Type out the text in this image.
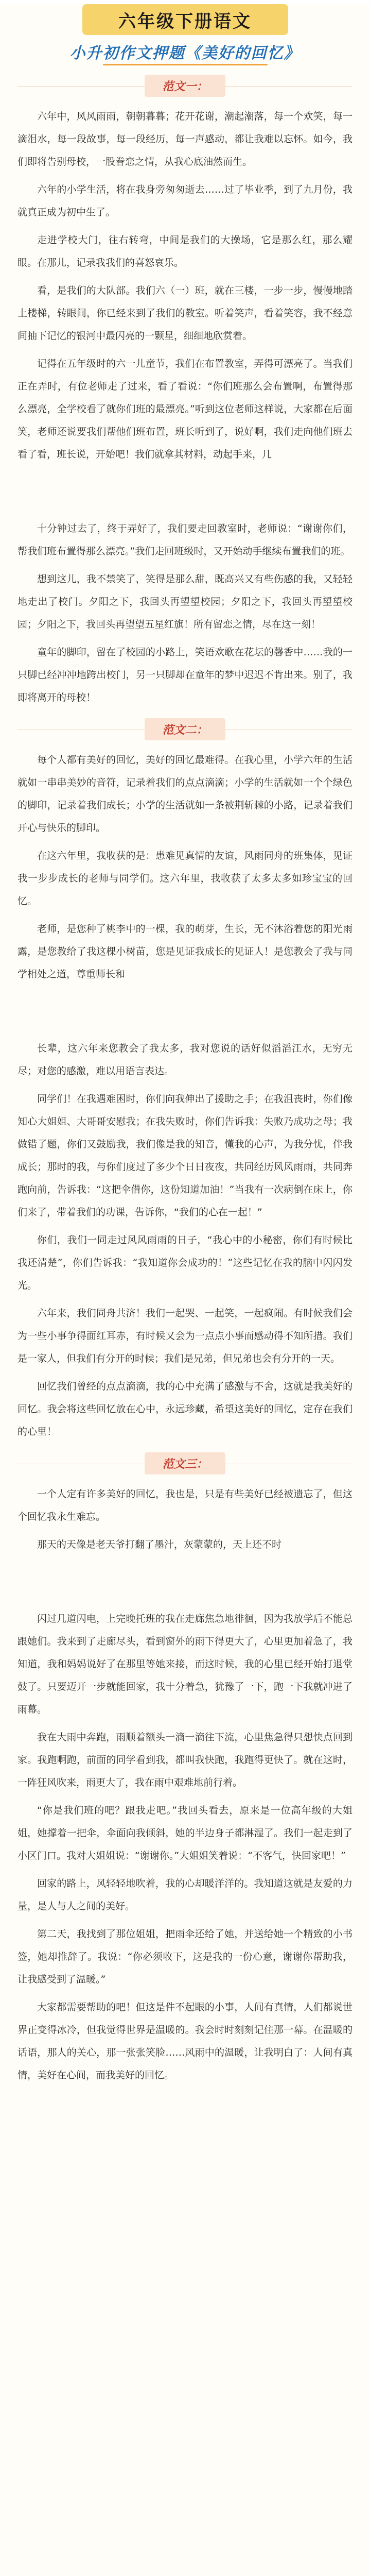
六年级下册语文
小升初作文押题《美好的回忆》
范文一：

六年中，风风雨雨，朝朝暮暮；花开花谢，潮起潮落，每一个欢笑，每一滴泪水，每一段故事，每一段经历，每一声感动，都让我难以忘怀。如今，我们即将告别母校，一股眷恋之情，从我心底油然而生。

六年的小学生活，将在我身旁匆匆逝去……过了毕业季，到了九月份，我就真正成为初中生了。

走进学校大门，往右转弯，中间是我们的大操场，它是那么红，那么耀眼。在那儿，记录我我们的喜怒哀乐。

看，是我们的大队部。我们六（一）班，就在三楼，一步一步，慢慢地踏上楼梯，转眼间，你已经来到了我们的教室。听着笑声，看着笑容，我不经意间抽下记忆的银河中最闪亮的一颗星，细细地欣赏着。

记得在五年级时的六一儿童节，我们在布置教室，弄得可漂亮了。当我们正在弄时，有位老师走了过来，看了看说：“你们班那么会布置啊，布置得那么漂亮，全学校看了就你们班的最漂亮。”听到这位老师这样说，大家都在后面笑，老师还说要我们帮他们班布置，班长听到了，说好啊，我们走向他们班去看了看，班长说，开始吧！我们就拿其材料，动起手来，几

十分钟过去了，终于弄好了，我们要走回教室时，老师说：“谢谢你们，帮我们班布置得那么漂亮。”我们走回班级时，又开始动手继续布置我们的班。

想到这儿，我不禁笑了，笑得是那么甜，既高兴又有些伤感的我，又轻轻地走出了校门。夕阳之下，我回头再望望校园；夕阳之下，我回头再望望校园；夕阳之下，我回头再望望五星红旗！所有留恋之情，尽在这一刻！

童年的脚印，留在了校园的小路上，笑语欢歌在花坛的馨香中……我的一只脚已经冲冲地跨出校门，另一只脚却在童年的梦中迟迟不肯出来。别了，我即将离开的母校！

范文二：

每个人都有美好的回忆，美好的回忆最难得。在我心里，小学六年的生活就如一串串美妙的音符，记录着我们的点点滴滴；小学的生活就如一个个绿色的脚印，记录着我们成长；小学的生活就如一条被荆斩棘的小路，记录着我们开心与快乐的脚印。

在这六年里，我收获的是：患难见真情的友谊，风雨同舟的班集体，见证我一步步成长的老师与同学们。这六年里，我收获了太多太多如珍宝宝的回忆。

老师，是您种了桃李中的一棵，我的萌芽，生长，无不沐浴着您的阳光雨露，是您教给了我这棵小树苗，您是见证我成长的见证人！是您教会了我与同学相处之道，尊重师长和

长辈，这六年来您教会了我太多，我对您说的话好似滔滔江水，无穷无尽；对您的感激，难以用语言表达。

同学们！在我遇难困时，你们向我伸出了援助之手；在我沮丧时，你们像知心大姐姐、大哥哥安慰我；在我失败时，你们告诉我：失败乃成功之母；我做错了题，你们又鼓励我，我们像是我的知音，懂我的心声，为我分忧，伴我成长；那时的我，与你们度过了多少个日日夜夜，共同经历风风雨雨，共同奔跑向前，告诉我：“这把伞借你，这份知道加油！”当我有一次病倒在床上，你们来了，带着我们的功课，告诉你，“我们的心在一起！”

你们，我们一同走过风风雨雨的日子，“我心中的小秘密，你们有时候比我还清楚”，你们告诉我：“我知道你会成功的！”这些记忆在我的脑中闪闪发光。

六年来，我们同舟共济！我们一起哭、一起笑，一起疯闹。有时候我们会为一些小事争得面红耳赤，有时候又会为一点点小事而感动得不知所措。我们是一家人，但我们有分开的时候；我们是兄弟，但兄弟也会有分开的一天。

回忆我们曾经的点点滴滴，我的心中充满了感激与不舍，这就是我美好的回忆。我会将这些回忆放在心中，永远珍藏，希望这美好的回忆，定存在我们的心里！

范文三：

一个人定有许多美好的回忆，我也是，只是有些美好已经被遗忘了，但这个回忆我永生难忘。

那天的天像是老天爷打翻了墨汁，灰蒙蒙的，天上还不时

闪过几道闪电，上完晚托班的我在走廊焦急地徘徊，因为我放学后不能总跟她们。我来到了走廊尽头，看到窗外的雨下得更大了，心里更加着急了，我知道，我和妈妈说好了在那里等她来接，而这时候，我的心里已经开始打退堂鼓了。只要迈开一步就能回家，我十分着急，犹豫了一下，跑一下我就冲进了雨幕。

我在大雨中奔跑，雨顺着额头一滴一滴往下流，心里焦急得只想快点回到家。我跑啊跑，前面的同学看到我，都叫我快跑，我跑得更快了。就在这时，一阵狂风吹来，雨更大了，我在雨中艰难地前行着。

“你是我们班的吧？跟我走吧。”我回头看去，原来是一位高年级的大姐姐，她撑着一把伞，伞面向我倾斜，她的半边身子都淋湿了。我们一起走到了小区门口。我对大姐姐说：“谢谢你。”大姐姐笑着说：“不客气，快回家吧！”

回家的路上，风轻轻地吹着，我的心却暖洋洋的。我知道这就是友爱的力量，是人与人之间的美好。

第二天，我找到了那位姐姐，把雨伞还给了她，并送给她一个精致的小书签，她却推辞了。我说：“你必须收下，这是我的一份心意，谢谢你帮助我，让我感受到了温暖。”

大家都需要帮助的吧！但这是件不起眼的小事，人间有真情，人们都说世界正变得冰冷，但我觉得世界是温暖的。我会时时刻刻记住那一幕。在温暖的话语，那人的关心，那一张张笑脸……风雨中的温暖，让我明白了：人间有真情，美好在心间，而我美好的回忆。
